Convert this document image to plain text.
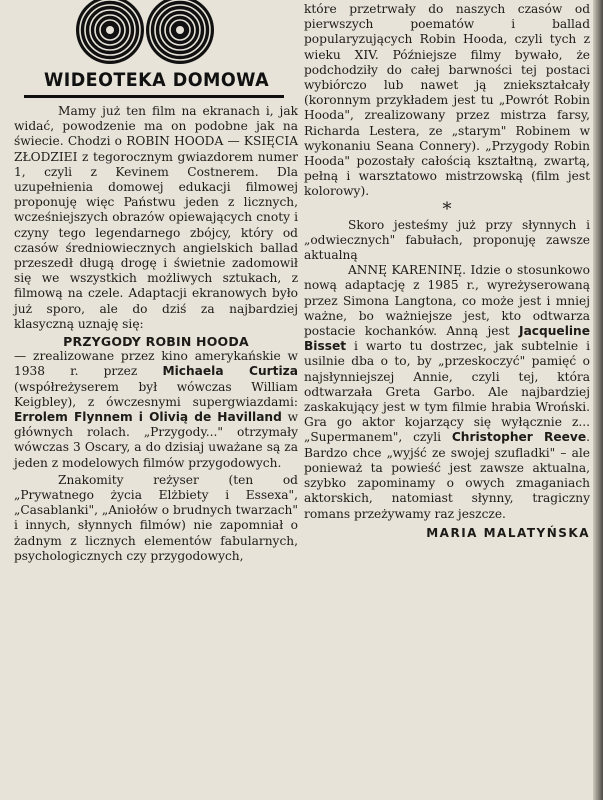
WIDEOTEKA DOMOWA

Mamy już ten film na ekranach i, jak widać, powodzenie ma on podobne jak na świecie. Chodzi o ROBIN HOODA — KSIĘCIA ZŁODZIEI z tegorocznym gwiazdorem numer 1, czyli z Kevinem Costnerem. Dla uzupełnienia domowej edukacji filmowej proponuję więc Państwu jeden z licznych, wcześniejszych obrazów opiewających cnoty i czyny tego legendarnego zbójcy, który od czasów średniowiecznych angielskich ballad przeszedł długą drogę i świetnie zadomowił się we wszystkich możliwych sztukach, z filmową na czele. Adaptacji ekranowych było już sporo, ale do dziś za najbardziej klasyczną uznaję się:

PRZYGODY ROBIN HOODA
— zrealizowane przez kino amerykańskie w 1938 r. przez Michaela Curtiza (współreżyserem był wówczas William Keigbley), z ówczesnymi supergwiazdami: Errolem Flynnem i Olivią de Havilland w głównych rolach. „Przygody..." otrzymały wówczas 3 Oscary, a do dzisiaj uważane są za jeden z modelowych filmów przygodowych.

Znakomity reżyser (ten od „Prywatnego życia Elżbiety i Essexa", „Casablanki", „Aniołów o brudnych twarzach" i innych, słynnych filmów) nie zapomniał o żadnym z licznych elementów fabularnych, psychologicznych czy przygodowych,

które przetrwały do naszych czasów od pierwszych poematów i ballad popularyzujących Robin Hooda, czyli tych z wieku XIV. Późniejsze filmy bywało, że podchodziły do całej barwności tej postaci wybiórczo lub nawet ją zniekształcały (koronnym przykładem jest tu „Powrót Robin Hooda", zrealizowany przez mistrza farsy, Richarda Lestera, ze „starym" Robinem w wykonaniu Seana Connery). „Przygody Robin Hooda" pozostały całością kształtną, zwartą, pełną i warsztatowo mistrzowską (film jest kolorowy).

*

Skoro jesteśmy już przy słynnych i „odwiecznych" fabułach, proponuję zawsze aktualną

ANNĘ KARENINĘ. Idzie o stosunkowo nową adaptację z 1985 r., wyreżyserowaną przez Simona Langtona, co może jest i mniej ważne, bo ważniejsze jest, kto odtwarza postacie kochanków. Anną jest Jacqueline Bisset i warto tu dostrzec, jak subtelnie i usilnie dba o to, by „przeskoczyć" pamięć o najsłynniejszej Annie, czyli tej, która odtwarzała Greta Garbo. Ale najbardziej zaskakujący jest w tym filmie hrabia Wroński. Gra go aktor kojarzący się wyłącznie z... „Supermanem", czyli Christopher Reeve. Bardzo chce „wyjść ze swojej szufladki" – ale ponieważ ta powieść jest zawsze aktualna, szybko zapominamy o owych zmaganiach aktorskich, natomiast słynny, tragiczny romans przeżywamy raz jeszcze.

MARIA MALATYŃSKA
